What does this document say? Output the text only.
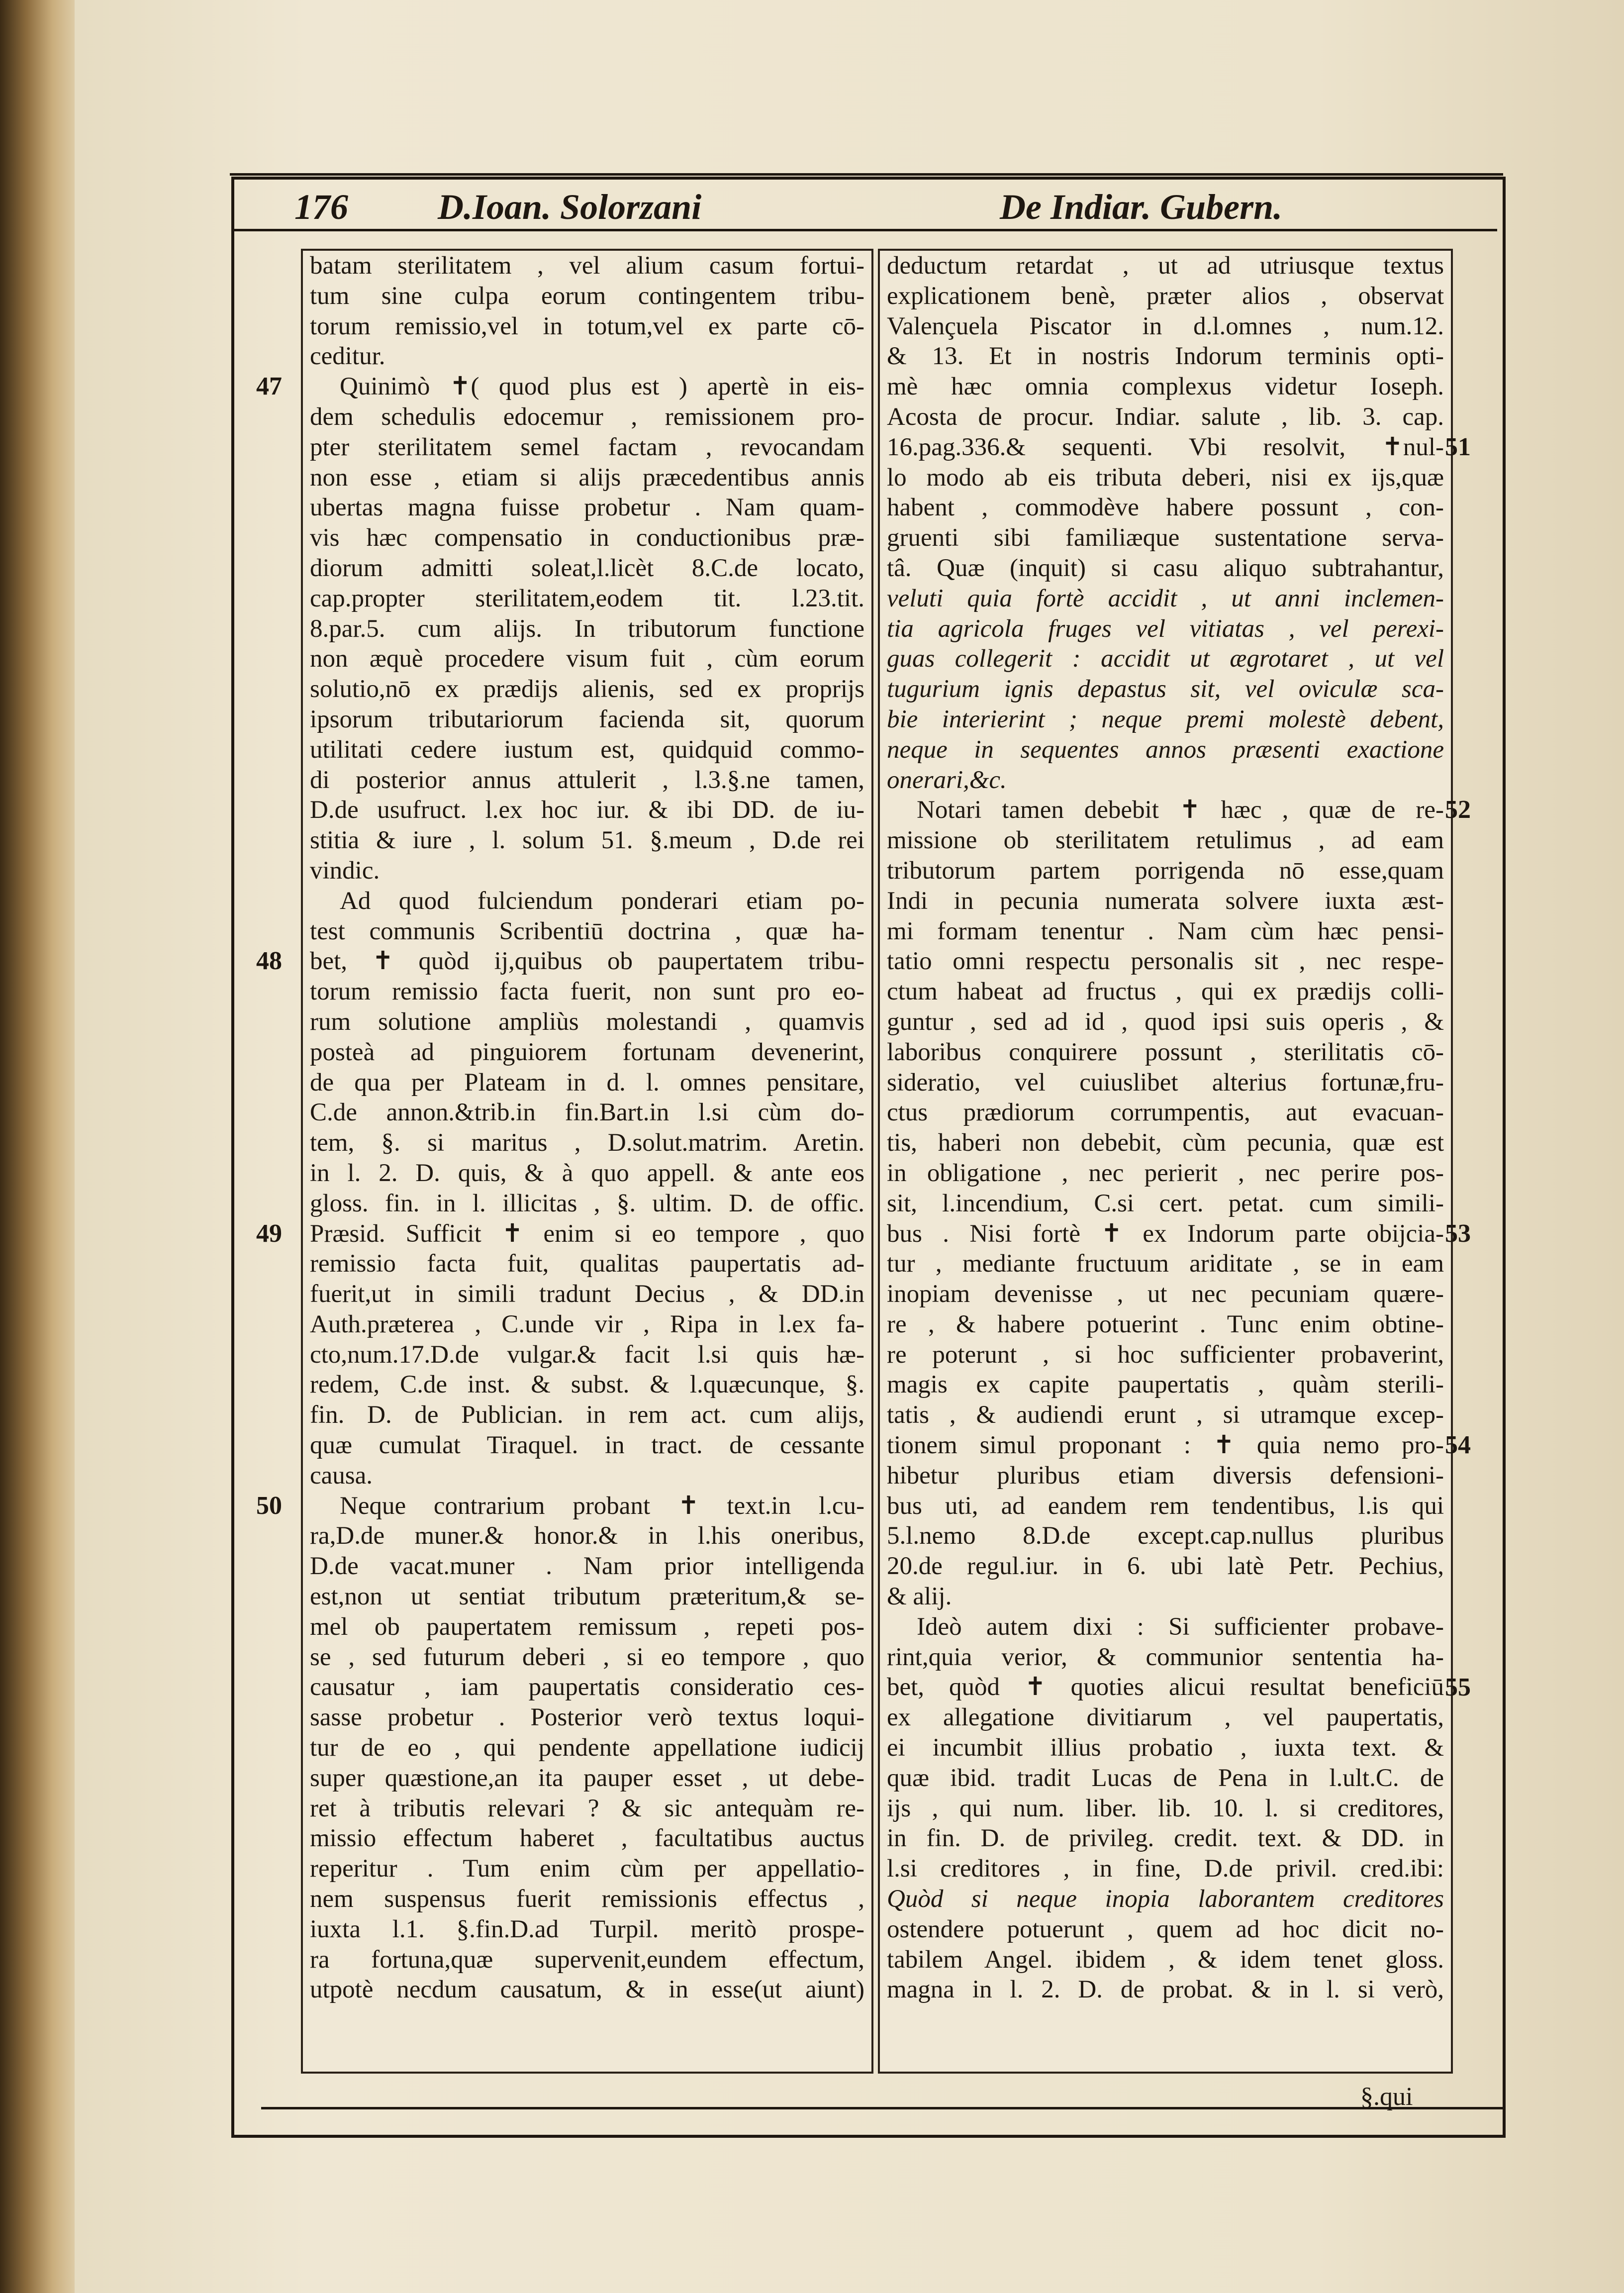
176	D.Ioan. Solorzani	De Indiar. Gubern.
batam sterilitatem , vel alium casum fortui-
tum sine culpa eorum contingentem tribu-
torum remissio,vel in totum,vel ex parte cō-
ceditur.
Quinimò ✝( quod plus est ) apertè in eis-
dem schedulis edocemur , remissionem pro-
pter sterilitatem semel factam , revocandam
non esse , etiam si alijs præcedentibus annis
ubertas magna fuisse probetur . Nam quam-
vis hæc compensatio in conductionibus præ-
diorum admitti soleat,l.licèt 8.C.de locato,
cap.propter sterilitatem,eodem tit. l.23.tit.
8.par.5. cum alijs. In tributorum functione
non æquè procedere visum fuit , cùm eorum
solutio,nō ex prædijs alienis, sed ex proprijs
ipsorum tributariorum facienda sit, quorum
utilitati cedere iustum est, quidquid commo-
di posterior annus attulerit , l.3.§.ne tamen,
D.de usufruct. l.ex hoc iur. & ibi DD. de iu-
stitia & iure , l. solum 51. §.meum , D.de rei
vindic.
Ad quod fulciendum ponderari etiam po-
test communis Scribentiū doctrina , quæ ha-
bet, ✝ quòd ij,quibus ob paupertatem tribu-
torum remissio facta fuerit, non sunt pro eo-
rum solutione ampliùs molestandi , quamvis
posteà ad pinguiorem fortunam devenerint,
de qua per Plateam in d. l. omnes pensitare,
C.de annon.&trib.in fin.Bart.in l.si cùm do-
tem, §. si maritus , D.solut.matrim. Aretin.
in l. 2. D. quis, & à quo appell. & ante eos
gloss. fin. in l. illicitas , §. ultim. D. de offic.
Præsid. Sufficit ✝ enim si eo tempore , quo
remissio facta fuit, qualitas paupertatis ad-
fuerit,ut in simili tradunt Decius , & DD.in
Auth.præterea , C.unde vir , Ripa in l.ex fa-
cto,num.17.D.de vulgar.& facit l.si quis hæ-
redem, C.de inst. & subst. & l.quæcunque, §.
fin. D. de Publician. in rem act. cum alijs,
quæ cumulat Tiraquel. in tract. de cessante
causa.
Neque contrarium probant ✝ text.in l.cu-
ra,D.de muner.& honor.& in l.his oneribus,
D.de vacat.muner . Nam prior intelligenda
est,non ut sentiat tributum præteritum,& se-
mel ob paupertatem remissum , repeti pos-
se , sed futurum deberi , si eo tempore , quo
causatur , iam paupertatis consideratio ces-
sasse probetur . Posterior verò textus loqui-
tur de eo , qui pendente appellatione iudicij
super quæstione,an ita pauper esset , ut debe-
ret à tributis relevari ? & sic antequàm re-
missio effectum haberet , facultatibus auctus
reperitur . Tum enim cùm per appellatio-
nem suspensus fuerit remissionis effectus ,
iuxta l.1. §.fin.D.ad Turpil. meritò prospe-
ra fortuna,quæ supervenit,eundem effectum,
utpotè necdum causatum, & in esse(ut aiunt)
deductum retardat , ut ad utriusque textus
explicationem benè, præter alios , observat
Valençuela Piscator in d.l.omnes , num.12.
& 13. Et in nostris Indorum terminis opti-
mè hæc omnia complexus videtur Ioseph.
Acosta de procur. Indiar. salute , lib. 3. cap.
16.pag.336.& sequenti. Vbi resolvit, ✝nul-
lo modo ab eis tributa deberi, nisi ex ijs,quæ
habent , commodève habere possunt , con-
gruenti sibi familiæque sustentatione serva-
tâ. Quæ (inquit) si casu aliquo subtrahantur,
veluti quia fortè accidit , ut anni inclemen-
tia agricola fruges vel vitiatas , vel perexi-
guas collegerit : accidit ut ægrotaret , ut vel
tugurium ignis depastus sit, vel oviculæ sca-
bie interierint ; neque premi molestè debent,
neque in sequentes annos præsenti exactione
onerari,&c.
Notari tamen debebit ✝ hæc , quæ de re-
missione ob sterilitatem retulimus , ad eam
tributorum partem porrigenda nō esse,quam
Indi in pecunia numerata solvere iuxta æst-
mi formam tenentur . Nam cùm hæc pensi-
tatio omni respectu personalis sit , nec respe-
ctum habeat ad fructus , qui ex prædijs colli-
guntur , sed ad id , quod ipsi suis operis , &
laboribus conquirere possunt , sterilitatis cō-
sideratio, vel cuiuslibet alterius fortunæ,fru-
ctus prædiorum corrumpentis, aut evacuan-
tis, haberi non debebit, cùm pecunia, quæ est
in obligatione , nec perierit , nec perire pos-
sit, l.incendium, C.si cert. petat. cum simili-
bus . Nisi fortè ✝ ex Indorum parte obijcia-
tur , mediante fructuum ariditate , se in eam
inopiam devenisse , ut nec pecuniam quære-
re , & habere potuerint . Tunc enim obtine-
re poterunt , si hoc sufficienter probaverint,
magis ex capite paupertatis , quàm sterili-
tatis , & audiendi erunt , si utramque excep-
tionem simul proponant : ✝ quia nemo pro-
hibetur pluribus etiam diversis defensioni-
bus uti, ad eandem rem tendentibus, l.is qui
5.l.nemo 8.D.de except.cap.nullus pluribus
20.de regul.iur. in 6. ubi latè Petr. Pechius,
& alij.
Ideò autem dixi : Si sufficienter probave-
rint,quia verior, & communior sententia ha-
bet, quòd ✝ quoties alicui resultat beneficiū
ex allegatione divitiarum , vel paupertatis,
ei incumbit illius probatio , iuxta text. &
quæ ibid. tradit Lucas de Pena in l.ult.C. de
ijs , qui num. liber. lib. 10. l. si creditores,
in fin. D. de privileg. credit. text. & DD. in
l.si creditores , in fine, D.de privil. cred.ibi:
Quòd si neque inopia laborantem creditores
ostendere potuerunt , quem ad hoc dicit no-
tabilem Angel. ibidem , & idem tenet gloss.
magna in l. 2. D. de probat. & in l. si verò,
47
48
49
50
51
52
53
54
55
§.qui
